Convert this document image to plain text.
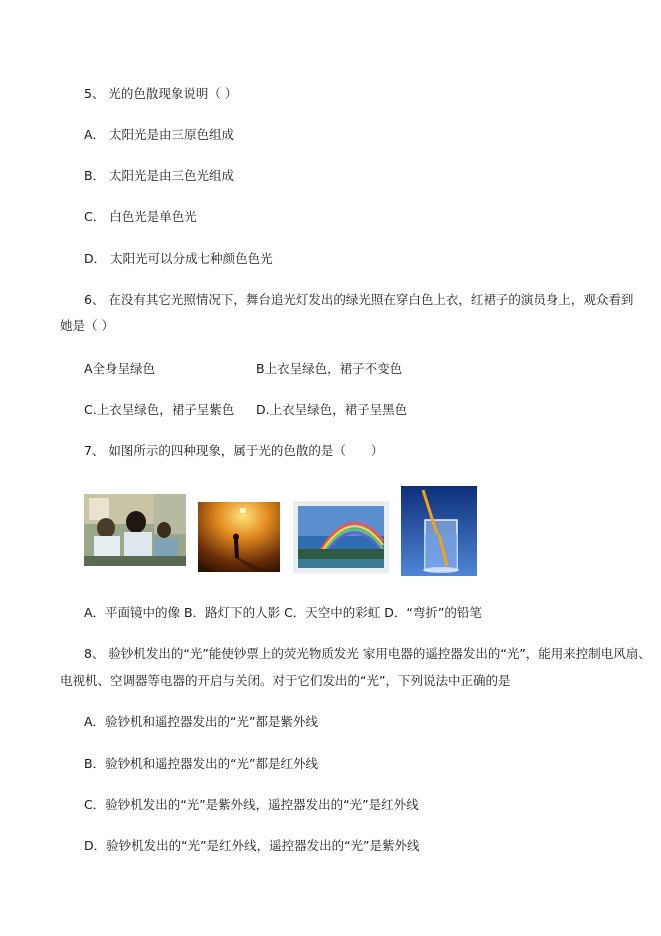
5、 光的色散现象说明（ ）
A． 太阳光是由三原色组成
B． 太阳光是由三色光组成
C． 白色光是单色光
D． 太阳光可以分成七种颜色色光
6、 在没有其它光照情况下，舞台追光灯发出的绿光照在穿白色上衣，红裙子的演员身上，观众看到
她是（ ）
A全身呈绿色	B上衣呈绿色，裙子不变色
C.上衣呈绿色，裙子呈紫色 D.上衣呈绿色，裙子呈黑色
7、 如图所示的四种现象，属于光的色散的是（　　）
A．平面镜中的像 B．路灯下的人影 C．天空中的彩虹 D．“弯折”的铅笔
8、 验钞机发出的“光”能使钞票上的荧光物质发光 家用电器的遥控器发出的“光”，能用来控制电风扇、
电视机、空调器等电器的开启与关闭。对于它们发出的“光”，下列说法中正确的是
A．验钞机和遥控器发出的“光”都是紫外线
B．验钞机和遥控器发出的“光”都是红外线
C．验钞机发出的“光”是紫外线，遥控器发出的“光”是红外线
D．验钞机发出的“光”是红外线，遥控器发出的“光”是紫外线
